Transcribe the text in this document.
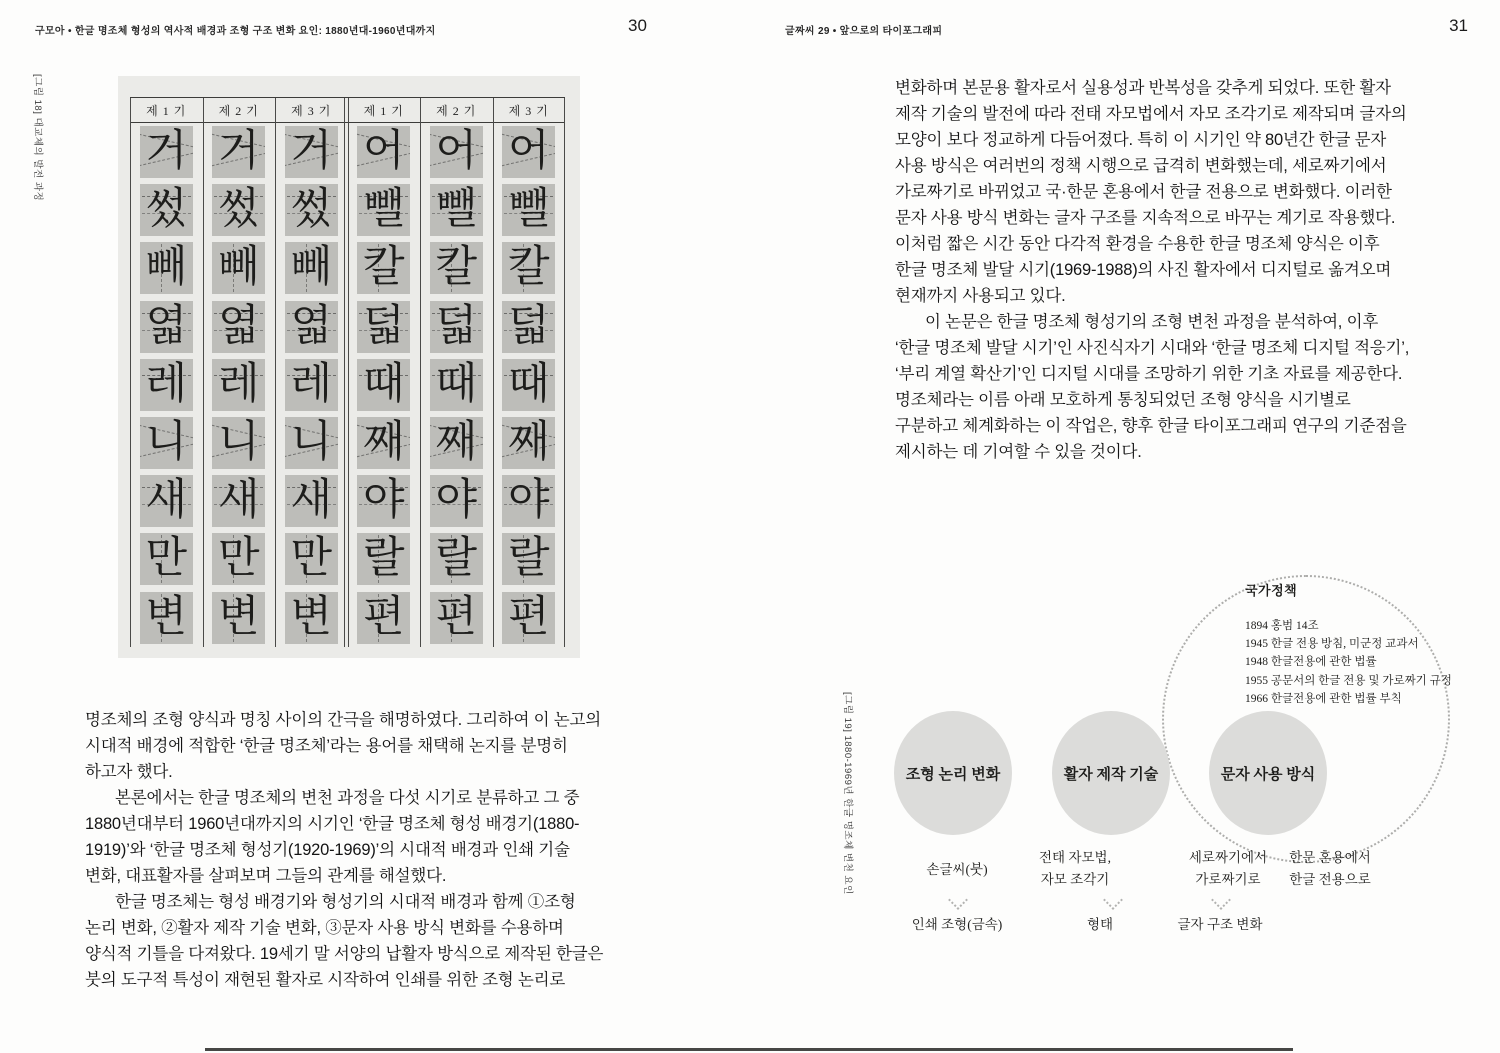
구모아 • 한글 명조체 형성의 역사적 배경과 조형 구조 변화 요인: 1880년대-1960년대까지	30	글짜씨 29 • 앞으로의 타이포그래피	31
[그림 18] 대교체의 발전 과정	제 1 기	제 2 기	제 3 기	제 1 기	제 2 기	제 3 기
거 거 거 어 어 어
썼 썼 썼 뺄 뺄 뺄
빼 빼 빼 칼 칼 칼
엷 엷 엷 덟 덟 덟
레 레 레 때 때 때
니 니 니 째 째 째
새 새 새 야 야 야
만 만 만 랄 랄 랄
변 변 변 편 편 편
명조체의 조형 양식과 명칭 사이의 간극을 해명하였다. 그리하여 이 논고의
시대적 배경에 적합한 ‘한글 명조체’라는 용어를 채택해 논지를 분명히
하고자 했다.
본론에서는 한글 명조체의 변천 과정을 다섯 시기로 분류하고 그 중
1880년대부터 1960년대까지의 시기인 ‘한글 명조체 형성 배경기(1880-
1919)’와 ‘한글 명조체 형성기(1920-1969)’의 시대적 배경과 인쇄 기술
변화, 대표활자를 살펴보며 그들의 관계를 해설했다.
한글 명조체는 형성 배경기와 형성기의 시대적 배경과 함께 ①조형
논리 변화, ②활자 제작 기술 변화, ③문자 사용 방식 변화를 수용하며
양식적 기틀을 다져왔다. 19세기 말 서양의 납활자 방식으로 제작된 한글은
붓의 도구적 특성이 재현된 활자로 시작하여 인쇄를 위한 조형 논리로
변화하며 본문용 활자로서 실용성과 반복성을 갖추게 되었다. 또한 활자
제작 기술의 발전에 따라 전태 자모법에서 자모 조각기로 제작되며 글자의
모양이 보다 정교하게 다듬어졌다. 특히 이 시기인 약 80년간 한글 문자
사용 방식은 여러번의 정책 시행으로 급격히 변화했는데, 세로짜기에서
가로짜기로 바뀌었고 국·한문 혼용에서 한글 전용으로 변화했다. 이러한
문자 사용 방식 변화는 글자 구조를 지속적으로 바꾸는 계기로 작용했다.
이처럼 짧은 시간 동안 다각적 환경을 수용한 한글 명조체 양식은 이후
한글 명조체 발달 시기(1969-1988)의 사진 활자에서 디지털로 옮겨오며
현재까지 사용되고 있다.
이 논문은 한글 명조체 형성기의 조형 변천 과정을 분석하여, 이후
‘한글 명조체 발달 시기’인 사진식자기 시대와 ‘한글 명조체 디지털 적응기’,
‘부리 계열 확산기’인 디지털 시대를 조망하기 위한 기초 자료를 제공한다.
명조체라는 이름 아래 모호하게 통칭되었던 조형 양식을 시기별로
구분하고 체계화하는 이 작업은, 향후 한글 타이포그래피 연구의 기준점을
제시하는 데 기여할 수 있을 것이다.
[그림 19] 1880-1969년 한글 명조체 변천 요인
국가정책
1894 홍범 14조
1945 한글 전용 방침, 미군정 교과서
1948 한글전용에 관한 법률
1955 공문서의 한글 전용 및 가로짜기 규정
1966 한글전용에 관한 법률 부칙
조형 논리 변화	활자 제작 기술	문자 사용 방식
손글씨(붓)
인쇄 조형(금속)
전태 자모법,
자모 조각기
형태
세로짜기에서
가로짜기로
한문 혼용에서
한글 전용으로
글자 구조 변화
